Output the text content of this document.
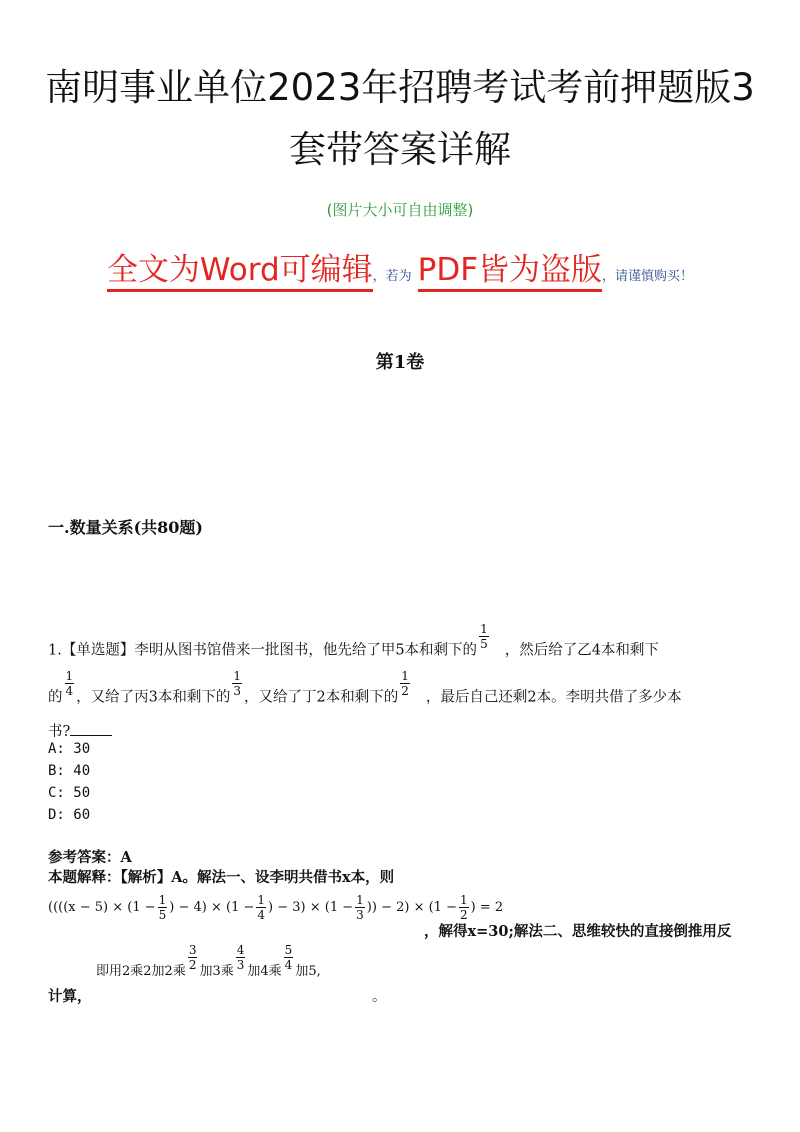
南明事业单位2023年招聘考试考前押题版3
套带答案详解
(图片大小可自由调整)
全文为Word可编辑，若为 PDF皆为盗版，请谨慎购买！
第1卷
一.数量关系(共80题)
1.【单选题】李明从图书馆借来一批图书，他先给了甲5本和剩下的 $\frac{1}{5}$ ，然后给了乙4本和剩下
的 $\frac{1}{4}$ ，又给了丙3本和剩下的 $\frac{1}{3}$ ，又给了丁2本和剩下的 $\frac{1}{2}$ ，最后自己还剩2本。李明共借了多少本
书?
A: 30
B: 40
C: 50
D: 60
参考答案：A
本题解释：【解析】A。解法一、设李明共借书x本，则
((($(x - 5) \times (1 - \frac{1}{5}$ ) − $4) \times (1 - \frac{1}{4}$ ) − $3) \times (1 - \frac{1}{3}$ )) − $2) \times (1 - \frac{1}{2}$ ) = 2
，解得x=30;解法二、思维较快的直接倒推用反
即用2乘2加2乘 $\frac{3}{2}$ 加3乘 $\frac{4}{3}$ 加4乘 $\frac{5}{4}$ 加5,
计算，	。
